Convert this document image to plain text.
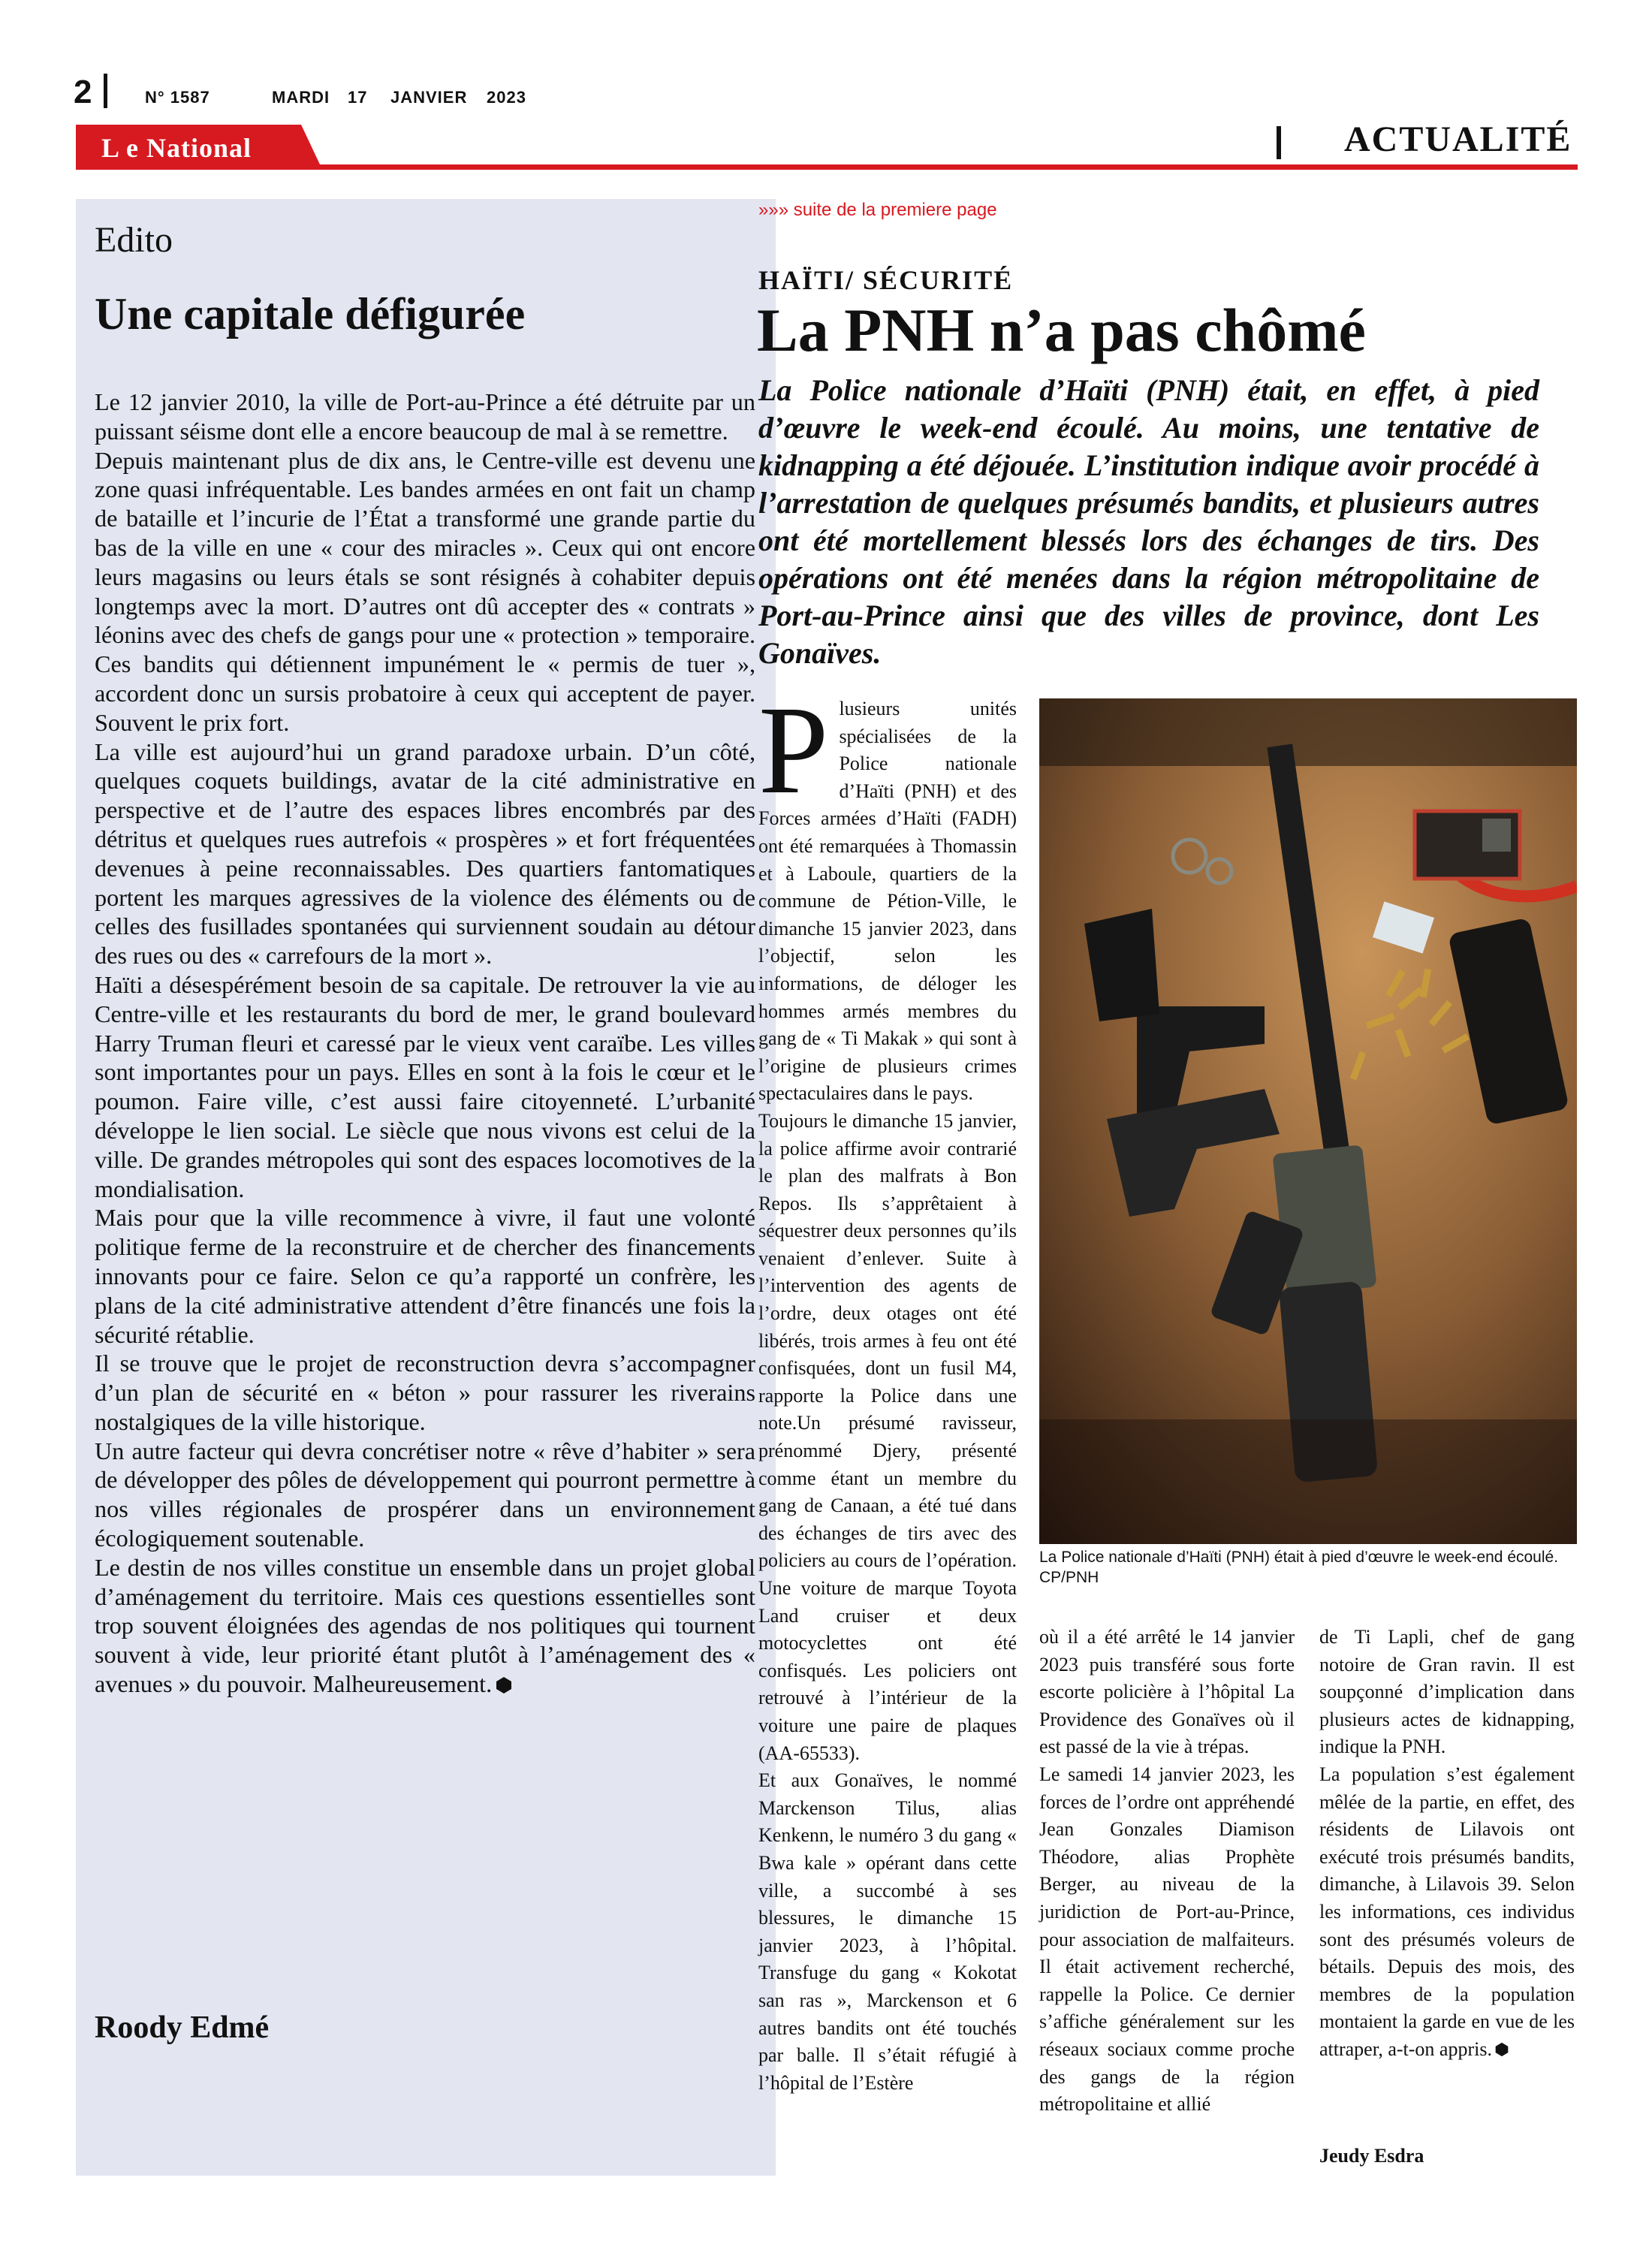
2	N° 1587	MARDI 17 JANVIER 2023
L e National	ACTUALITÉ
Edito
Une capitale défigurée

Le 12 janvier 2010, la ville de Port-au-Prince a été détruite par un puissant séisme dont elle a encore beaucoup de mal à se remettre.

Depuis maintenant plus de dix ans, le Centre-ville est devenu une zone quasi infréquentable. Les bandes armées en ont fait un champ de bataille et l’incurie de l’État a transformé une grande partie du bas de la ville en une « cour des miracles ». Ceux qui ont encore leurs magasins ou leurs étals se sont résignés à cohabiter depuis longtemps avec la mort. D’autres ont dû accepter des « contrats » léonins avec des chefs de gangs pour une « protection » temporaire. Ces bandits qui détiennent impunément le « permis de tuer », accordent donc un sursis probatoire à ceux qui acceptent de payer. Souvent le prix fort.

La ville est aujourd’hui un grand paradoxe urbain. D’un côté, quelques coquets buildings, avatar de la cité administrative en perspective et de l’autre des espaces libres encombrés par des détritus et quelques rues autrefois « prospères » et fort fréquentées devenues à peine reconnaissables. Des quartiers fantomatiques portent les marques agressives de la violence des éléments ou de celles des fusillades spontanées qui surviennent soudain au détour des rues ou des « carrefours de la mort ».

Haïti a désespérément besoin de sa capitale. De retrouver la vie au Centre-ville et les restaurants du bord de mer, le grand boulevard Harry Truman fleuri et caressé par le vieux vent caraïbe. Les villes sont importantes pour un pays. Elles en sont à la fois le cœur et le poumon. Faire ville, c’est aussi faire citoyenneté. L’urbanité développe le lien social. Le siècle que nous vivons est celui de la ville. De grandes métropoles qui sont des espaces locomotives de la mondialisation.

Mais pour que la ville recommence à vivre, il faut une volonté politique ferme de la reconstruire et de chercher des financements innovants pour ce faire. Selon ce qu’a rapporté un confrère, les plans de la cité administrative attendent d’être financés une fois la sécurité rétablie.

Il se trouve que le projet de reconstruction devra s’accompagner d’un plan de sécurité en « béton » pour rassurer les riverains nostalgiques de la ville historique.

Un autre facteur qui devra concrétiser notre « rêve d’habiter » sera de développer des pôles de développement qui pourront permettre à nos villes régionales de prospérer dans un environnement écologiquement soutenable.

Le destin de nos villes constitue un ensemble dans un projet global d’aménagement du territoire. Mais ces questions essentielles sont trop souvent éloignées des agendas de nos politiques qui tournent souvent à vide, leur priorité étant plutôt à l’aménagement des « avenues » du pouvoir. Malheureusement.

Roody Edmé
»»» suite de la premiere page
HAÏTI/ SÉCURITÉ
La PNH n’a pas chômé
La Police nationale d’Haïti (PNH) était, en effet, à pied d’œuvre le week-end écoulé. Au moins, une tentative de kidnapping a été déjouée. L’institution indique avoir procédé à l’arrestation de quelques présumés bandits, et plusieurs autres ont été mortellement blessés lors des échanges de tirs. Des opérations ont été menées dans la région métropolitaine de Port-au-Prince ainsi que des villes de province, dont Les Gonaïves.

Plusieurs unités spécialisées de la Police nationale d’Haïti (PNH) et des Forces armées d’Haïti (FADH) ont été remarquées à Thomassin et à Laboule, quartiers de la commune de Pétion-Ville, le dimanche 15 janvier 2023, dans l’objectif, selon les informations, de déloger les hommes armés membres du gang de « Ti Makak » qui sont à l’origine de plusieurs crimes spectaculaires dans le pays.

Toujours le dimanche 15 janvier, la police affirme avoir contrarié le plan des malfrats à Bon Repos. Ils s’apprêtaient à séquestrer deux personnes qu’ils venaient d’enlever. Suite à l’intervention des agents de l’ordre, deux otages ont été libérés, trois armes à feu ont été confisquées, dont un fusil M4, rapporte la Police dans une note.Un présumé ravisseur, prénommé Djery, présenté comme étant un membre du gang de Canaan, a été tué dans des échanges de tirs avec des policiers au cours de l’opération. Une voiture de marque Toyota Land cruiser et deux motocyclettes ont été confisqués. Les policiers ont retrouvé à l’intérieur de la voiture une paire de plaques (AA-65533).

Et aux Gonaïves, le nommé Marckenson Tilus, alias Kenkenn, le numéro 3 du gang « Bwa kale » opérant dans cette ville, a succombé à ses blessures, le dimanche 15 janvier 2023, à l’hôpital. Transfuge du gang « Kokotat san ras », Marckenson et 6 autres bandits ont été touchés par balle. Il s’était réfugié à l’hôpital de l’Estère

La Police nationale d’Haïti (PNH) était à pied d’œuvre le week-end écoulé. CP/PNH

où il a été arrêté le 14 janvier 2023 puis transféré sous forte escorte policière à l’hôpital La Providence des Gonaïves où il est passé de la vie à trépas.

Le samedi 14 janvier 2023, les forces de l’ordre ont appréhendé Jean Gonzales Diamison Théodore, alias Prophète Berger, au niveau de la juridiction de Port-au-Prince, pour association de malfaiteurs. Il était activement recherché, rappelle la Police. Ce dernier s’affiche généralement sur les réseaux sociaux comme proche des gangs de la région métropolitaine et allié

de Ti Lapli, chef de gang notoire de Gran ravin. Il est soupçonné d’implication dans plusieurs actes de kidnapping, indique la PNH.

La population s’est également mêlée de la partie, en effet, des résidents de Lilavois ont exécuté trois présumés bandits, dimanche, à Lilavois 39. Selon les informations, ces individus sont des présumés voleurs de bétails. Depuis des mois, des membres de la population montaient la garde en vue de les attraper, a-t-on appris.

Jeudy Esdra
